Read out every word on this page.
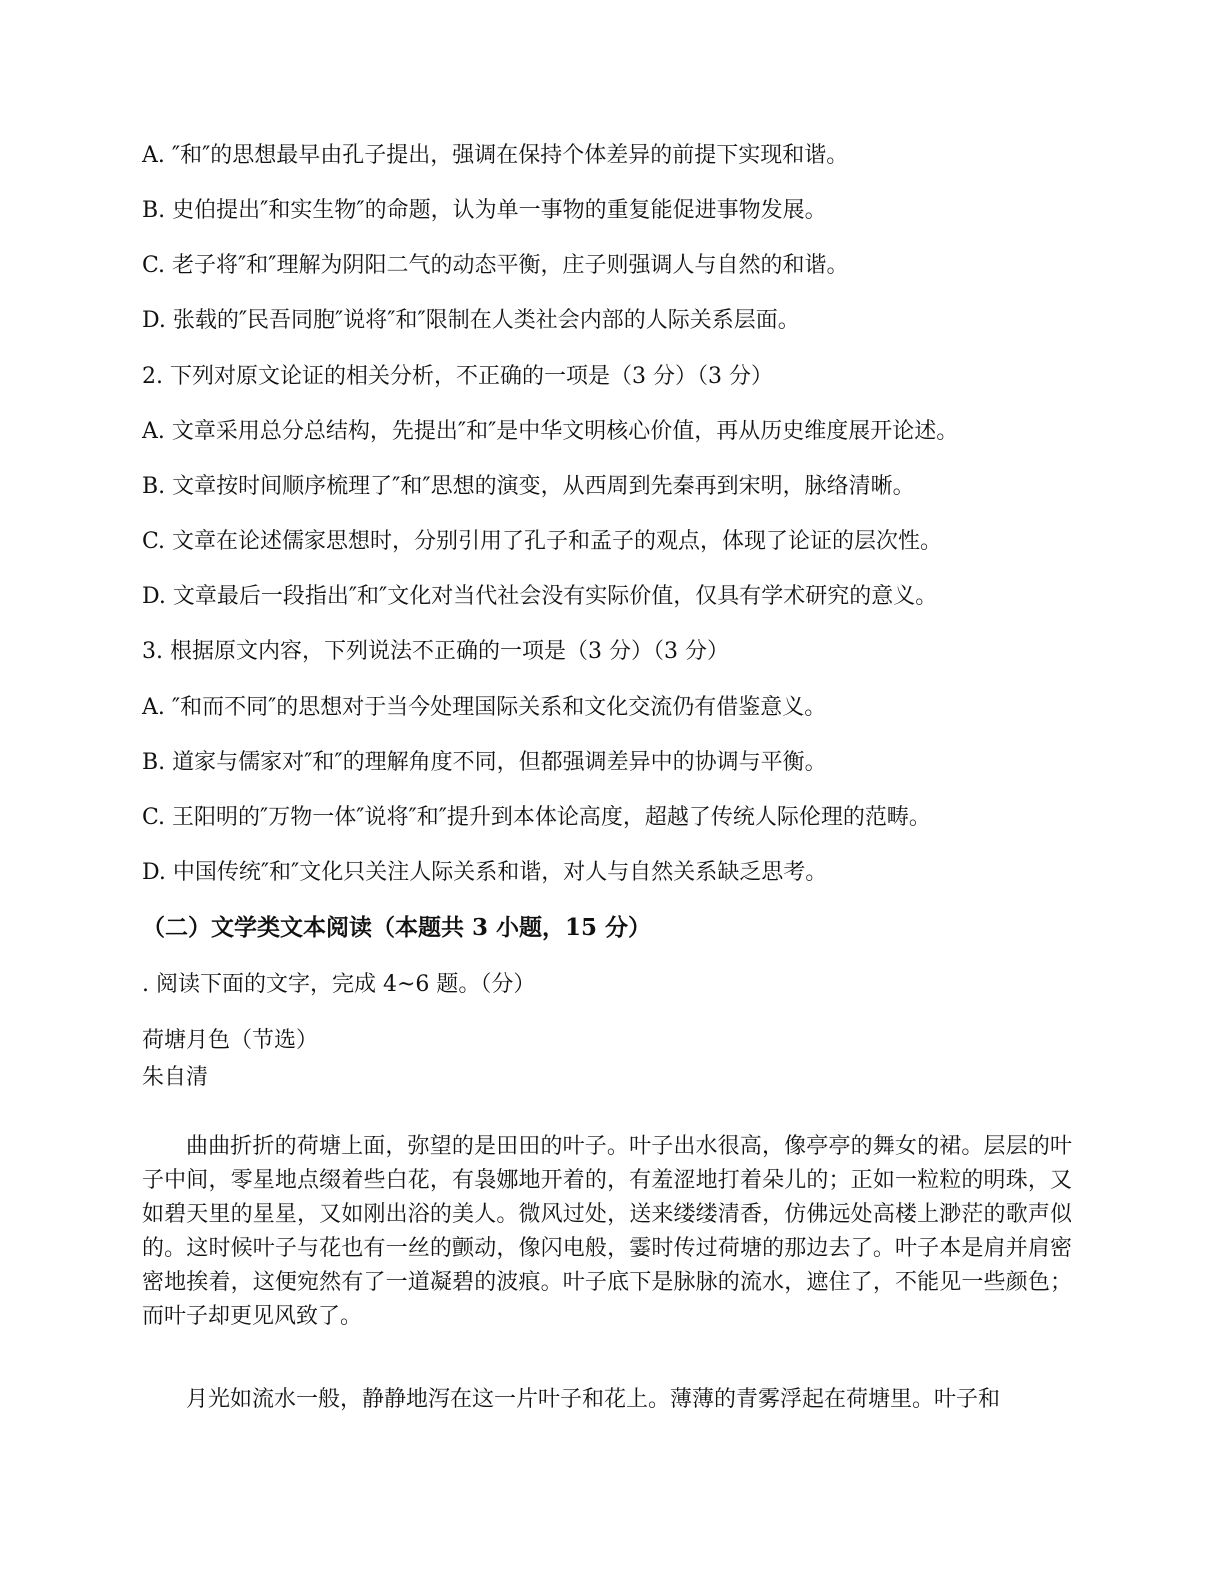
A. ″和″的思想最早由孔子提出，强调在保持个体差异的前提下实现和谐。
B. 史伯提出″和实生物″的命题，认为单一事物的重复能促进事物发展。
C. 老子将″和″理解为阴阳二气的动态平衡，庄子则强调人与自然的和谐。
D. 张载的″民吾同胞″说将″和″限制在人类社会内部的人际关系层面。
2. 下列对原文论证的相关分析，不正确的一项是（3 分）（3 分）
A. 文章采用总分总结构，先提出″和″是中华文明核心价值，再从历史维度展开论述。
B. 文章按时间顺序梳理了″和″思想的演变，从西周到先秦再到宋明，脉络清晰。
C. 文章在论述儒家思想时，分别引用了孔子和孟子的观点，体现了论证的层次性。
D. 文章最后一段指出″和″文化对当代社会没有实际价值，仅具有学术研究的意义。
3. 根据原文内容，下列说法不正确的一项是（3 分）（3 分）
A. ″和而不同″的思想对于当今处理国际关系和文化交流仍有借鉴意义。
B. 道家与儒家对″和″的理解角度不同，但都强调差异中的协调与平衡。
C. 王阳明的″万物一体″说将″和″提升到本体论高度，超越了传统人际伦理的范畴。
D. 中国传统″和″文化只关注人际关系和谐，对人与自然关系缺乏思考。
（二）文学类文本阅读（本题共 3 小题，15 分）
. 阅读下面的文字，完成 4~6 题。（分）
荷塘月色（节选）
朱自清
曲曲折折的荷塘上面，弥望的是田田的叶子。叶子出水很高，像亭亭的舞女的裙。层层的叶子中间，零星地点缀着些白花，有袅娜地开着的，有羞涩地打着朵儿的；正如一粒粒的明珠，又如碧天里的星星，又如刚出浴的美人。微风过处，送来缕缕清香，仿佛远处高楼上渺茫的歌声似的。这时候叶子与花也有一丝的颤动，像闪电般，霎时传过荷塘的那边去了。叶子本是肩并肩密密地挨着，这便宛然有了一道凝碧的波痕。叶子底下是脉脉的流水，遮住了，不能见一些颜色；而叶子却更见风致了。
月光如流水一般，静静地泻在这一片叶子和花上。薄薄的青雾浮起在荷塘里。叶子和
